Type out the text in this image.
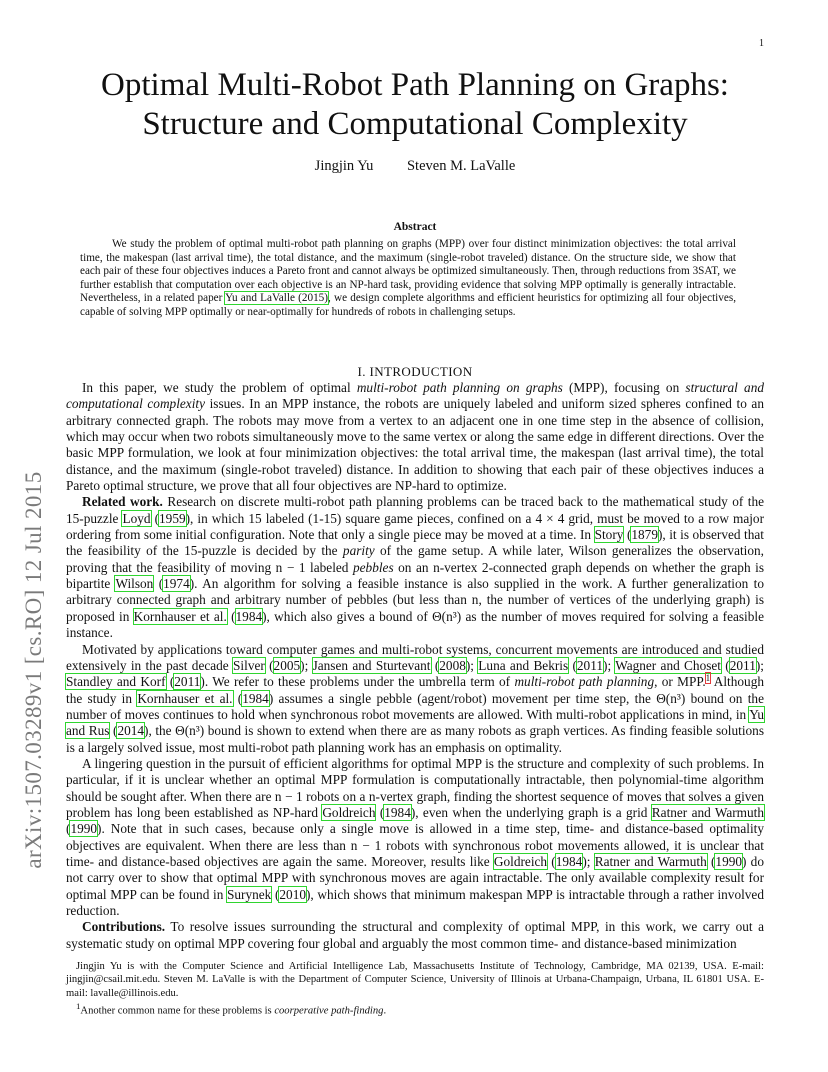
1
arXiv:1507.03289v1 [cs.RO] 12 Jul 2015
Optimal Multi-Robot Path Planning on Graphs:
Structure and Computational Complexity
Jingjin Yu Steven M. LaValle
Abstract

We study the problem of optimal multi-robot path planning on graphs (MPP) over four distinct minimization objectives: the total arrival time, the makespan (last arrival time), the total distance, and the maximum (single-robot traveled) distance. On the structure side, we show that each pair of these four objectives induces a Pareto front and cannot always be optimized simultaneously. Then, through reductions from 3SAT, we further establish that computation over each objective is an NP-hard task, providing evidence that solving MPP optimally is generally intractable. Nevertheless, in a related paper Yu and LaValle (2015), we design complete algorithms and efficient heuristics for optimizing all four objectives, capable of solving MPP optimally or near-optimally for hundreds of robots in challenging setups.

I. INTRODUCTION

In this paper, we study the problem of optimal multi-robot path planning on graphs (MPP), focusing on structural and computational complexity issues. In an MPP instance, the robots are uniquely labeled and uniform sized spheres confined to an arbitrary connected graph. The robots may move from a vertex to an adjacent one in one time step in the absence of collision, which may occur when two robots simultaneously move to the same vertex or along the same edge in different directions. Over the basic MPP formulation, we look at four minimization objectives: the total arrival time, the makespan (last arrival time), the total distance, and the maximum (single-robot traveled) distance. In addition to showing that each pair of these objectives induces a Pareto optimal structure, we prove that all four objectives are NP-hard to optimize.

Related work. Research on discrete multi-robot path planning problems can be traced back to the mathematical study of the 15-puzzle Loyd (1959), in which 15 labeled (1-15) square game pieces, confined on a 4 × 4 grid, must be moved to a row major ordering from some initial configuration. Note that only a single piece may be moved at a time. In Story (1879), it is observed that the feasibility of the 15-puzzle is decided by the parity of the game setup. A while later, Wilson generalizes the observation, proving that the feasibility of moving n − 1 labeled pebbles on an n-vertex 2-connected graph depends on whether the graph is bipartite Wilson (1974). An algorithm for solving a feasible instance is also supplied in the work. A further generalization to arbitrary connected graph and arbitrary number of pebbles (but less than n, the number of vertices of the underlying graph) is proposed in Kornhauser et al. (1984), which also gives a bound of Θ(n³) as the number of moves required for solving a feasible instance.

Motivated by applications toward computer games and multi-robot systems, concurrent movements are introduced and studied extensively in the past decade Silver (2005); Jansen and Sturtevant (2008); Luna and Bekris (2011); Wagner and Choset (2011); Standley and Korf (2011). We refer to these problems under the umbrella term of multi-robot path planning, or MPP.$^1$ Although the study in Kornhauser et al. (1984) assumes a single pebble (agent/robot) movement per time step, the Θ(n³) bound on the number of moves continues to hold when synchronous robot movements are allowed. With multi-robot applications in mind, in Yu and Rus (2014), the Θ(n³) bound is shown to extend when there are as many robots as graph vertices. As finding feasible solutions is a largely solved issue, most multi-robot path planning work has an emphasis on optimality.

A lingering question in the pursuit of efficient algorithms for optimal MPP is the structure and complexity of such problems. In particular, if it is unclear whether an optimal MPP formulation is computationally intractable, then polynomial-time algorithm should be sought after. When there are n − 1 robots on a n-vertex graph, finding the shortest sequence of moves that solves a given problem has long been established as NP-hard Goldreich (1984), even when the underlying graph is a grid Ratner and Warmuth (1990). Note that in such cases, because only a single move is allowed in a time step, time- and distance-based optimality objectives are equivalent. When there are less than n − 1 robots with synchronous robot movements allowed, it is unclear that time- and distance-based objectives are again the same. Moreover, results like Goldreich (1984); Ratner and Warmuth (1990) do not carry over to show that optimal MPP with synchronous moves are again intractable. The only available complexity result for optimal MPP can be found in Surynek (2010), which shows that minimum makespan MPP is intractable through a rather involved reduction.

Contributions. To resolve issues surrounding the structural and complexity of optimal MPP, in this work, we carry out a systematic study on optimal MPP covering four global and arguably the most common time- and distance-based minimization

Jingjin Yu is with the Computer Science and Artificial Intelligence Lab, Massachusetts Institute of Technology, Cambridge, MA 02139, USA. E-mail: jingjin@csail.mit.edu. Steven M. LaValle is with the Department of Computer Science, University of Illinois at Urbana-Champaign, Urbana, IL 61801 USA. E-mail: lavalle@illinois.edu.

$^1$Another common name for these problems is coorperative path-finding.
